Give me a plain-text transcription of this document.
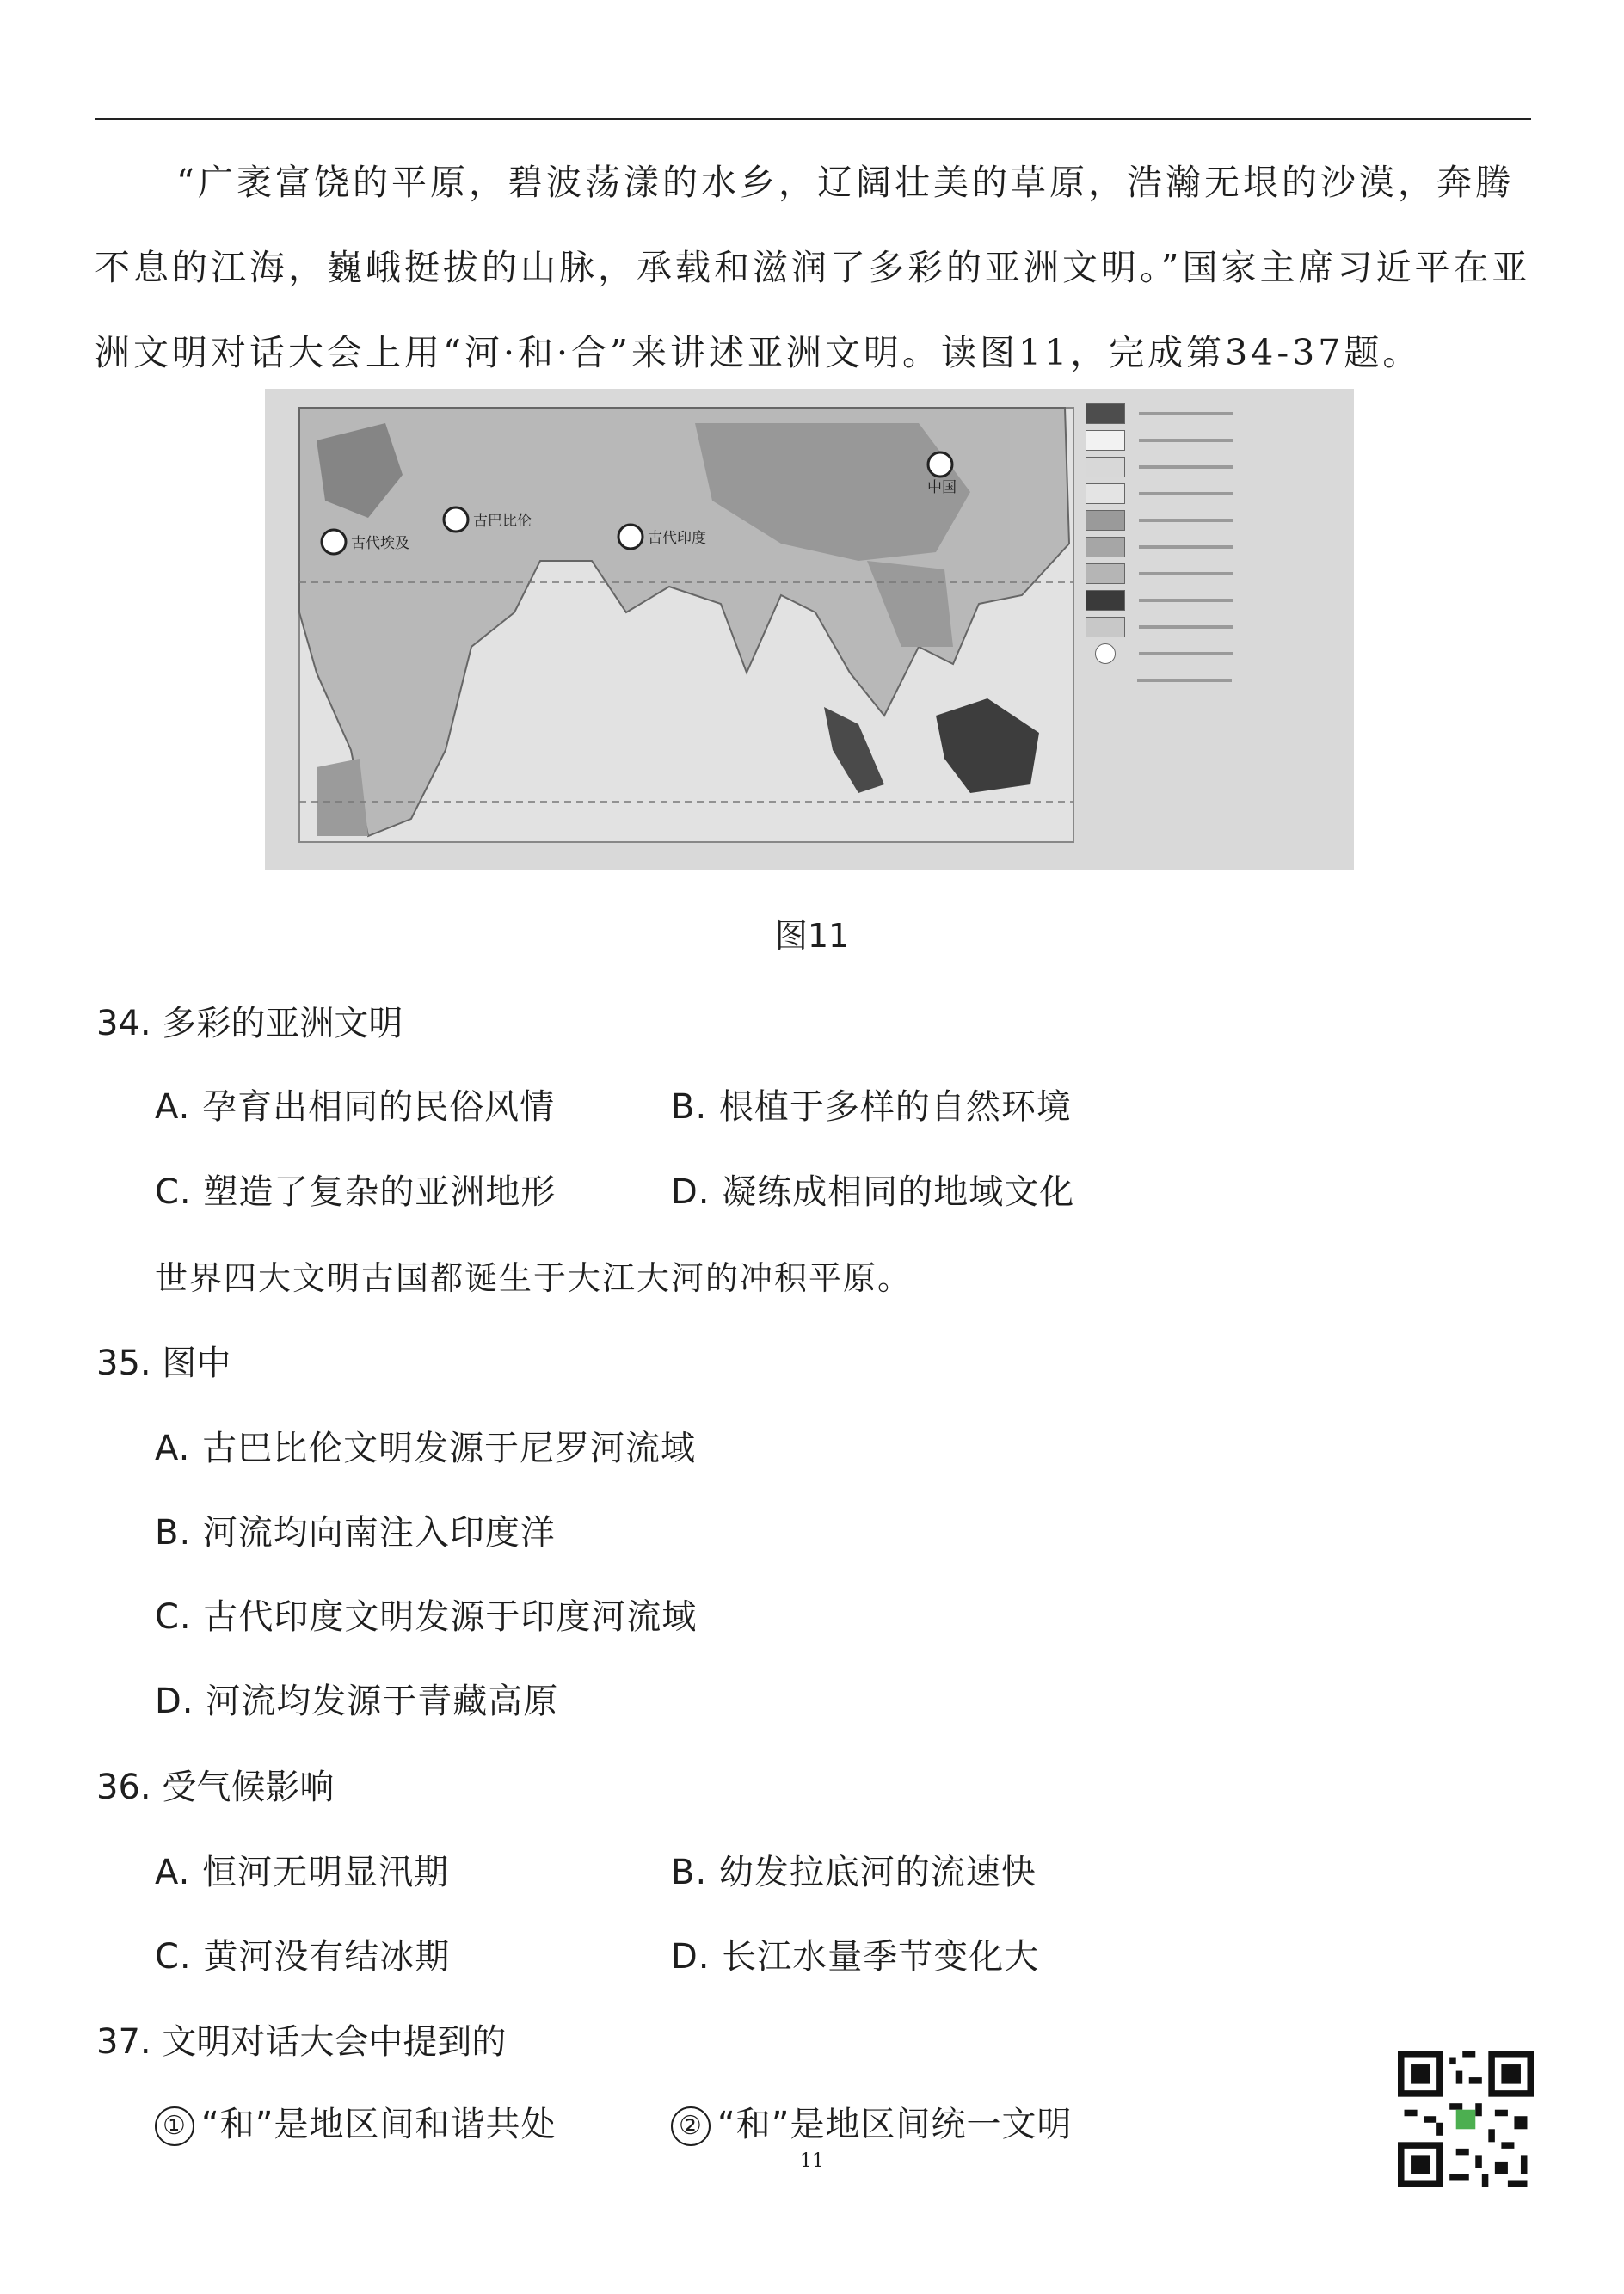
“广袤富饶的平原，碧波荡漾的水乡，辽阔壮美的草原，浩瀚无垠的沙漠，奔腾不息的江海，巍峨挺拔的山脉，承载和滋润了多彩的亚洲文明。”国家主席习近平在亚洲文明对话大会上用“河·和·合”来讲述亚洲文明。读图11，完成第34-37题。
古代埃及
古巴比伦
古代印度
中国
图11
34. 多彩的亚洲文明
A. 孕育出相同的民俗风情	B. 根植于多样的自然环境
C. 塑造了复杂的亚洲地形	D. 凝练成相同的地域文化
世界四大文明古国都诞生于大江大河的冲积平原。
35. 图中
A. 古巴比伦文明发源于尼罗河流域
B. 河流均向南注入印度洋
C. 古代印度文明发源于印度河流域
D. 河流均发源于青藏高原
36. 受气候影响
A. 恒河无明显汛期	B. 幼发拉底河的流速快
C. 黄河没有结冰期	D. 长江水量季节变化大
37. 文明对话大会中提到的
① “和”是地区间和谐共处	② “和”是地区间统一文明
11
